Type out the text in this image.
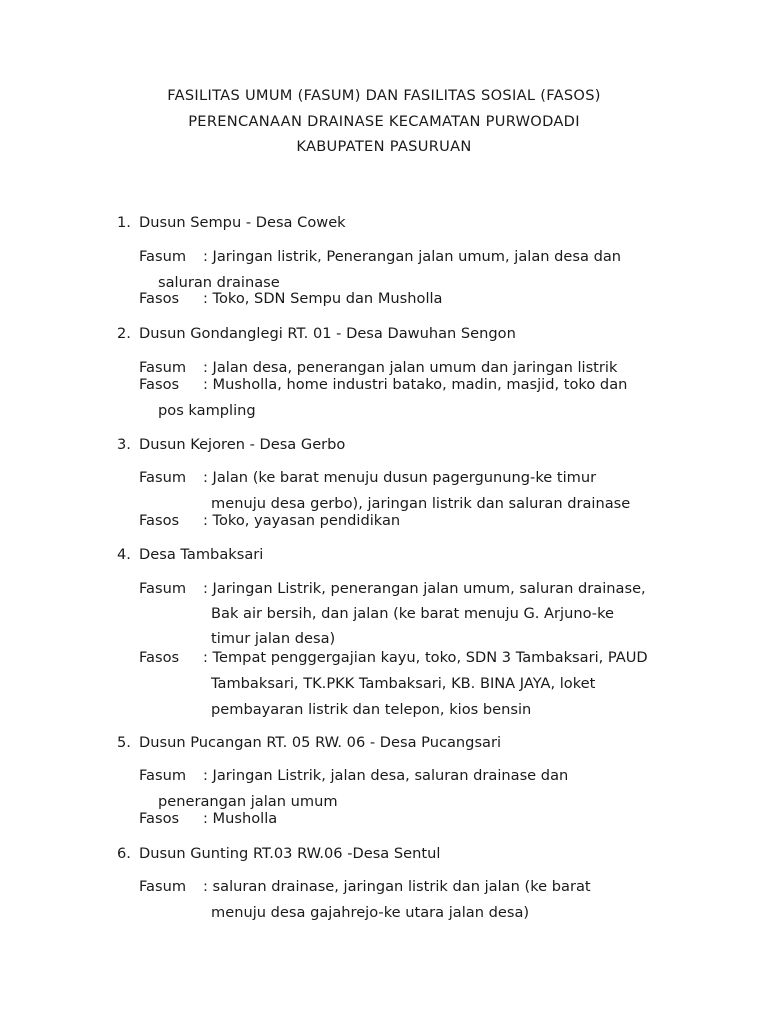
FASILITAS UMUM (FASUM) DAN FASILITAS SOSIAL (FASOS)
PERENCANAAN DRAINASE KECAMATAN PURWODADI
KABUPATEN PASURUAN
1. Dusun Sempu - Desa Cowek
Fasum : Jaringan listrik, Penerangan jalan umum, jalan desa dan
saluran drainase
Fasos : Toko, SDN Sempu dan Musholla
2. Dusun Gondanglegi RT. 01 - Desa Dawuhan Sengon
Fasum : Jalan desa, penerangan jalan umum dan jaringan listrik
Fasos : Musholla, home industri batako, madin, masjid, toko dan
pos kampling
3. Dusun Kejoren - Desa Gerbo
Fasum : Jalan (ke barat menuju dusun pagergunung-ke timur
menuju desa gerbo), jaringan listrik dan saluran drainase
Fasos : Toko, yayasan pendidikan
4. Desa Tambaksari
Fasum : Jaringan Listrik, penerangan jalan umum, saluran drainase,
Bak air bersih, dan jalan (ke barat menuju G. Arjuno-ke
timur jalan desa)
Fasos : Tempat penggergajian kayu, toko, SDN 3 Tambaksari, PAUD
Tambaksari, TK.PKK Tambaksari, KB. BINA JAYA, loket
pembayaran listrik dan telepon, kios bensin
5. Dusun Pucangan RT. 05 RW. 06 - Desa Pucangsari
Fasum : Jaringan Listrik, jalan desa, saluran drainase dan
penerangan jalan umum
Fasos : Musholla
6. Dusun Gunting RT.03 RW.06 -Desa Sentul
Fasum : saluran drainase, jaringan listrik dan jalan (ke barat
menuju desa gajahrejo-ke utara jalan desa)
